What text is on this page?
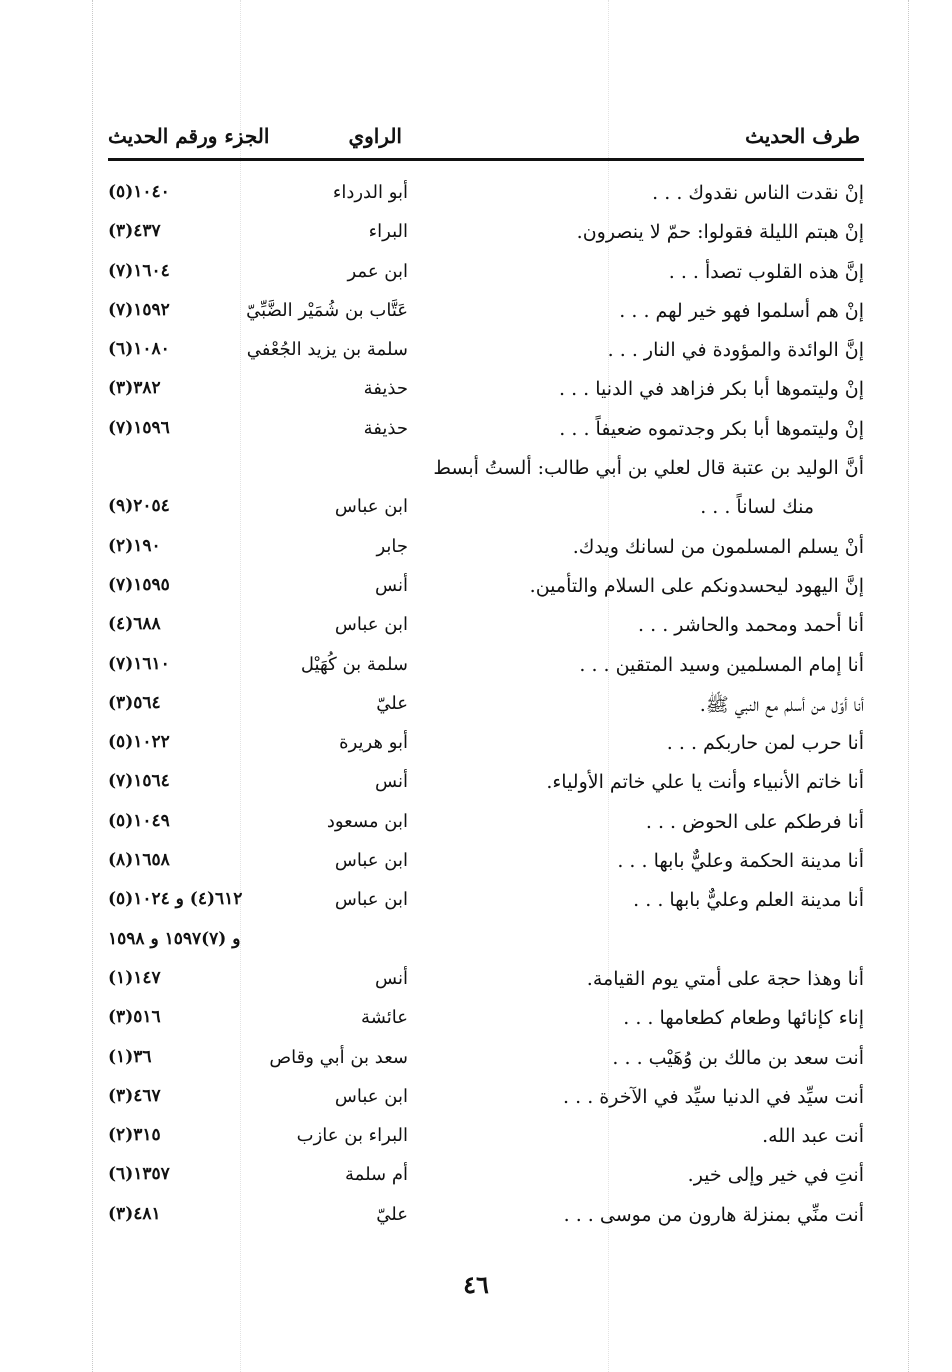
طرف الحديث
الراوي
الجزء ورقم الحديث
إنْ نقدت الناس نقدوك . . .
أبو الدرداء
١٠٤٠(٥)
إنْ هبتم الليلة فقولوا: حمّ لا ينصرون.
البراء
٤٣٧(٣)
إنَّ هذه القلوب تصدأ . . .
ابن عمر
١٦٠٤(٧)
إنْ هم أسلموا فهو خير لهم . . .
عَتَّاب بن شُمَيْر الضَّبِّيّ
١٥٩٢(٧)
إنَّ الوائدة والمؤودة في النار . . .
سلمة بن يزيد الجُعْفي
١٠٨٠(٦)
إنْ وليتموها أبا بكر فزاهد في الدنيا . . .
حذيفة
٣٨٢(٣)
إنْ وليتموها أبا بكر وجدتموه ضعيفاً . . .
حذيفة
١٥٩٦(٧)
أنَّ الوليد بن عتبة قال لعلي بن أبي طالب: ألستُ أبسط
منك لساناً . . .
ابن عباس
٢٠٥٤(٩)
أنْ يسلم المسلمون من لسانك ويدك.
جابر
١٩٠(٢)
إنَّ اليهود ليحسدونكم على السلام والتأمين.
أنس
١٥٩٥(٧)
أنا أحمد ومحمد والحاشر . . .
ابن عباس
٦٨٨(٤)
أنا إمام المسلمين وسيد المتقين . . .
سلمة بن كُهَيْل
١٦١٠(٧)
أنا أوّل من أسلم مع النبي ﷺ.
عليّ
٥٦٤(٣)
أنا حرب لمن حاربكم . . .
أبو هريرة
١٠٢٢(٥)
أنا خاتم الأنبياء وأنت يا علي خاتم الأولياء.
أنس
١٥٦٤(٧)
أنا فرطكم على الحوض . . .
ابن مسعود
١٠٤٩(٥)
أنا مدينة الحكمة وعليٌّ بابها . . .
ابن عباس
١٦٥٨(٨)
أنا مدينة العلم وعليٌّ بابها . . .
ابن عباس
٦١٢(٤) و ١٠٢٤(٥)
و (٧)١٥٩٧ و ١٥٩٨
أنا وهذا حجة على أمتي يوم القيامة.
أنس
١٤٧(١)
إناء كإنائها وطعام كطعامها . . .
عائشة
٥١٦(٣)
أنت سعد بن مالك بن وُهَيْب . . .
سعد بن أبي وقاص
٣٦(١)
أنت سيِّد في الدنيا سيِّد في الآخرة . . .
ابن عباس
٤٦٧(٣)
أنت عبد الله.
البراء بن عازب
٣١٥(٢)
أنتِ في خير وإلى خير.
أم سلمة
١٣٥٧(٦)
أنت منِّي بمنزلة هارون من موسى . . .
عليّ
٤٨١(٣)
٤٦
